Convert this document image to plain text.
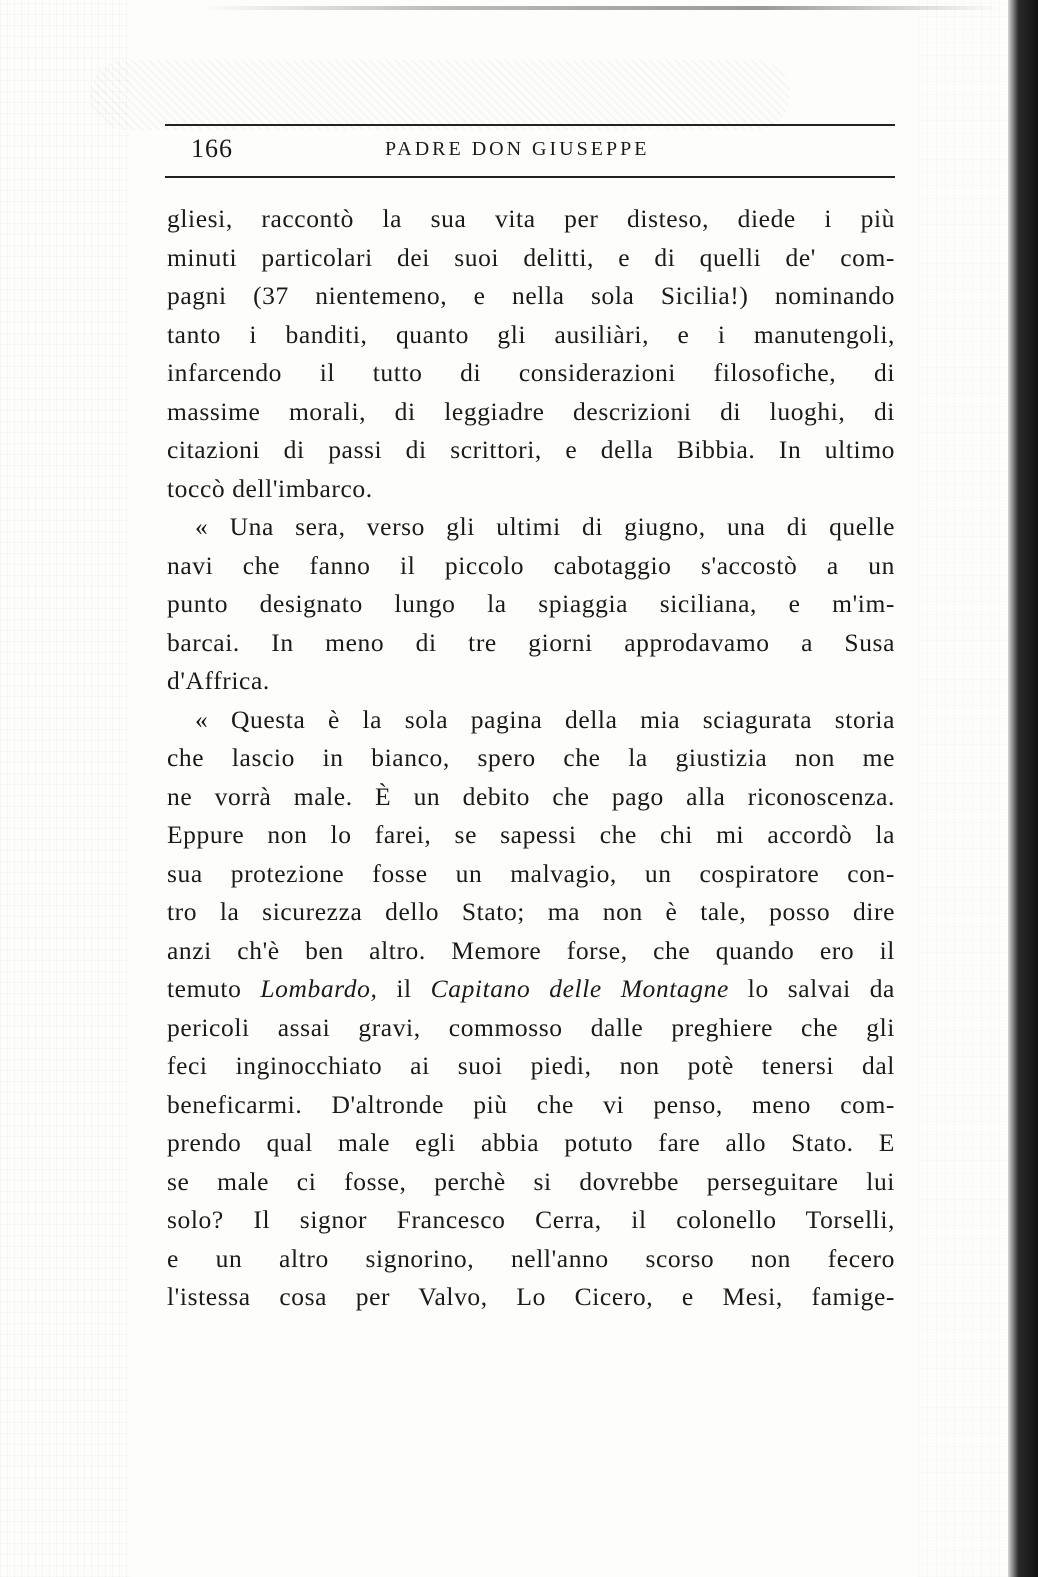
166	PADRE DON GIUSEPPE
gliesi, raccontò la sua vita per disteso, diede i più
minuti particolari dei suoi delitti, e di quelli de' com-
pagni (37 nientemeno, e nella sola Sicilia!) nominando
tanto i banditi, quanto gli ausiliàri, e i manutengoli,
infarcendo il tutto di considerazioni filosofiche, di
massime morali, di leggiadre descrizioni di luoghi, di
citazioni di passi di scrittori, e della Bibbia. In ultimo
toccò dell'imbarco.
« Una sera, verso gli ultimi di giugno, una di quelle
navi che fanno il piccolo cabotaggio s'accostò a un
punto designato lungo la spiaggia siciliana, e m'im-
barcai. In meno di tre giorni approdavamo a Susa
d'Affrica.
« Questa è la sola pagina della mia sciagurata storia
che lascio in bianco, spero che la giustizia non me
ne vorrà male. È un debito che pago alla riconoscenza.
Eppure non lo farei, se sapessi che chi mi accordò la
sua protezione fosse un malvagio, un cospiratore con-
tro la sicurezza dello Stato; ma non è tale, posso dire
anzi ch'è ben altro. Memore forse, che quando ero il
temuto Lombardo, il Capitano delle Montagne lo salvai da
pericoli assai gravi, commosso dalle preghiere che gli
feci inginocchiato ai suoi piedi, non potè tenersi dal
beneficarmi. D'altronde più che vi penso, meno com-
prendo qual male egli abbia potuto fare allo Stato. E
se male ci fosse, perchè si dovrebbe perseguitare lui
solo? Il signor Francesco Cerra, il colonello Torselli,
e un altro signorino, nell'anno scorso non fecero
l'istessa cosa per Valvo, Lo Cicero, e Mesi, famige-
